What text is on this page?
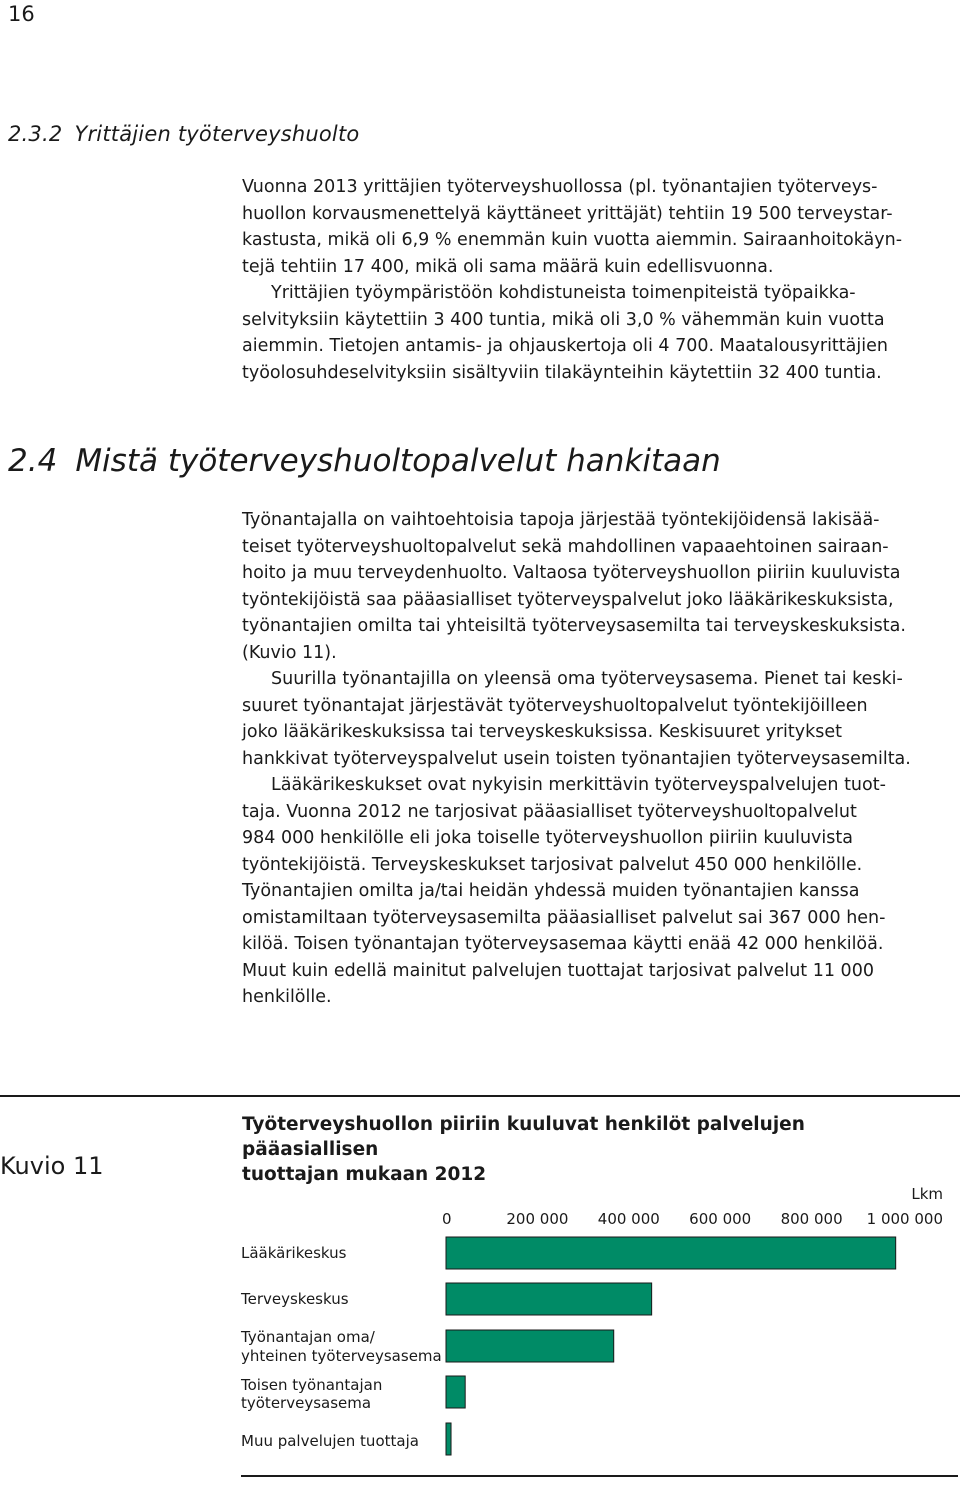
16
2.3.2 Yrittäjien työterveyshuolto

Vuonna 2013 yrittäjien työterveyshuollossa (pl. työnantajien työterveys-

huollon korvausmenettelyä käyttäneet yrittäjät) tehtiin 19 500 terveystar-

kastusta, mikä oli 6,9 % enemmän kuin vuotta aiemmin. Sairaanhoitokäyn-

tejä tehtiin 17 400, mikä oli sama määrä kuin edellisvuonna.

Yrittäjien työympäristöön kohdistuneista toimenpiteistä työpaikka-

selvityksiin käytettiin 3 400 tuntia, mikä oli 3,0 % vähemmän kuin vuotta

aiemmin. Tietojen antamis- ja ohjauskertoja oli 4 700. Maatalousyrittäjien

työolosuhdeselvityksiin sisältyviin tilakäynteihin käytettiin 32 400 tuntia.

2.4 Mistä työterveyshuoltopalvelut hankitaan

Työnantajalla on vaihtoehtoisia tapoja järjestää työntekijöidensä lakisää-

teiset työterveyshuoltopalvelut sekä mahdollinen vapaaehtoinen sairaan-

hoito ja muu terveydenhuolto. Valtaosa työterveyshuollon piiriin kuuluvista

työntekijöistä saa pääasialliset työterveyspalvelut joko lääkärikeskuksista,

työnantajien omilta tai yhteisiltä työterveysasemilta tai terveyskeskuksista.

(Kuvio 11).

Suurilla työnantajilla on yleensä oma työterveysasema. Pienet tai keski-

suuret työnantajat järjestävät työterveyshuoltopalvelut työntekijöilleen

joko lääkärikeskuksissa tai terveyskeskuksissa. Keskisuuret yritykset

hankkivat työterveyspalvelut usein toisten työnantajien työterveysasemilta.

Lääkärikeskukset ovat nykyisin merkittävin työterveyspalvelujen tuot-

taja. Vuonna 2012 ne tarjosivat pääasialliset työterveyshuoltopalvelut

984 000 henkilölle eli joka toiselle työterveyshuollon piiriin kuuluvista

työntekijöistä. Terveyskeskukset tarjosivat palvelut 450 000 henkilölle.

Työnantajien omilta ja/tai heidän yhdessä muiden työnantajien kanssa

omistamiltaan työterveysasemilta pääasialliset palvelut sai 367 000 hen-

kilöä. Toisen työnantajan työterveysasemaa käytti enää 42 000 henkilöä.

Muut kuin edellä mainitut palvelujen tuottajat tarjosivat palvelut 11 000

henkilölle.

Kuvio 11
Työterveyshuollon piiriin kuuluvat henkilöt palvelujen pääasiallisen
tuottajan mukaan 2012
Lkm
0	200 000 400 000 600 000 800 000 1 000 000
Lääkärikeskus
Terveyskeskus
Työnantajan oma/
yhteinen työterveysasema
Toisen työnantajan
työterveysasema
Muu palvelujen tuottaja
